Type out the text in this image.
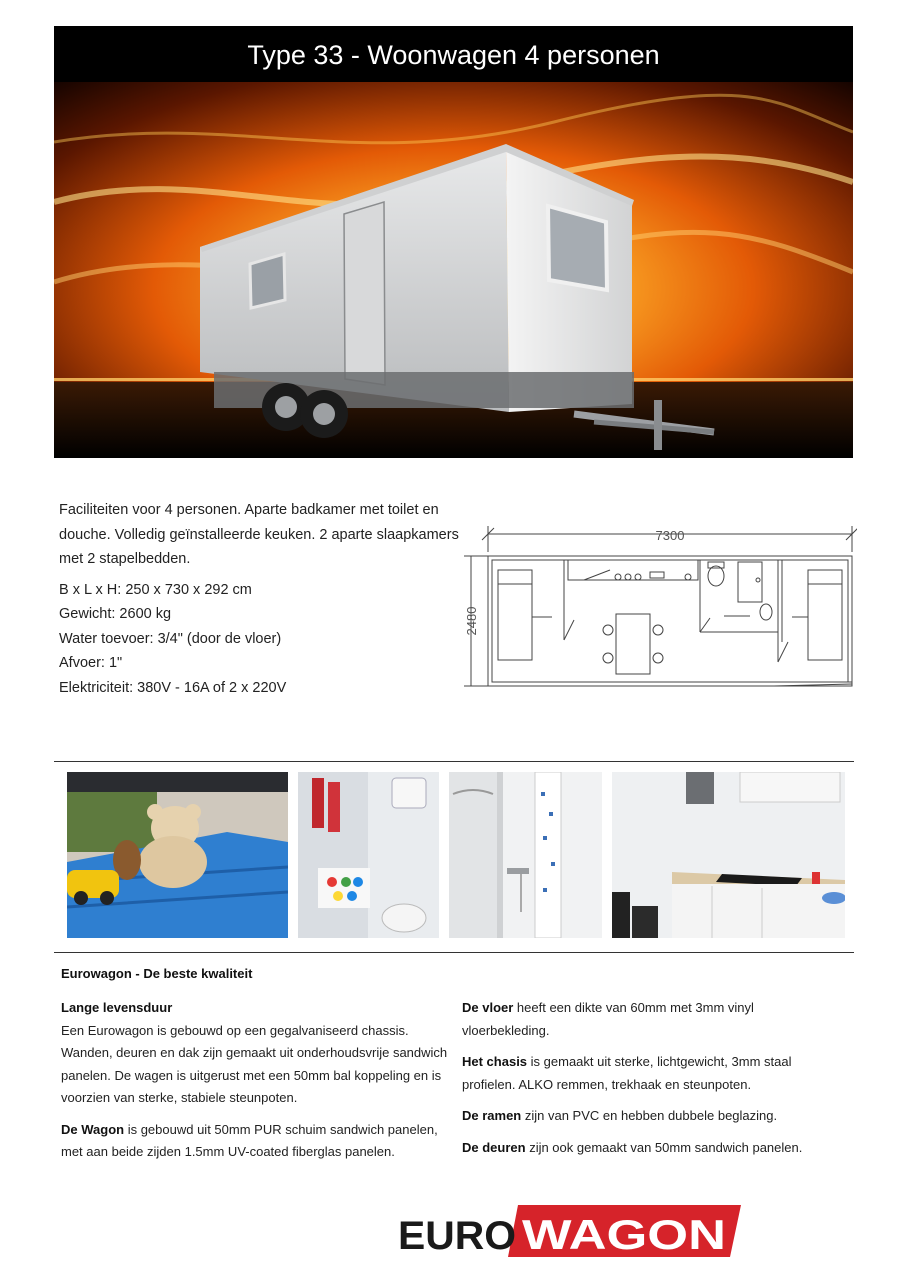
Type 33 - Woonwagen 4 personen

Faciliteiten voor 4 personen. Aparte badkamer met toilet en douche. Volledig geïnstalleerde keuken. 2 aparte slaapkamers met 2 stapelbedden.

B x L x H: 250 x 730 x 292 cm

Gewicht: 2600 kg

Water toevoer: 3/4" (door de vloer)

Afvoer: 1"

Elektriciteit: 380V - 16A of 2 x 220V

7300
2480
Eurowagon - De beste kwaliteit

Lange levensduur

Een Eurowagon is gebouwd op een gegalvaniseerd chassis. Wanden, deuren en dak zijn gemaakt uit onderhoudsvrije sandwich panelen. De wagen is uitgerust met een 50mm bal koppeling en is voorzien van sterke, stabiele steunpoten.

De Wagon is gebouwd uit 50mm PUR schuim sandwich panelen, met aan beide zijden 1.5mm UV-coated fiberglas panelen.

De vloer heeft een dikte van 60mm met 3mm vinyl vloerbekleding.

Het chasis is gemaakt uit sterke, lichtgewicht, 3mm staal profielen. ALKO remmen, trekhaak en steunpoten.

De ramen zijn van PVC en hebben dubbele beglazing.

De deuren zijn ook gemaakt van 50mm sandwich panelen.

EURO WAGON
